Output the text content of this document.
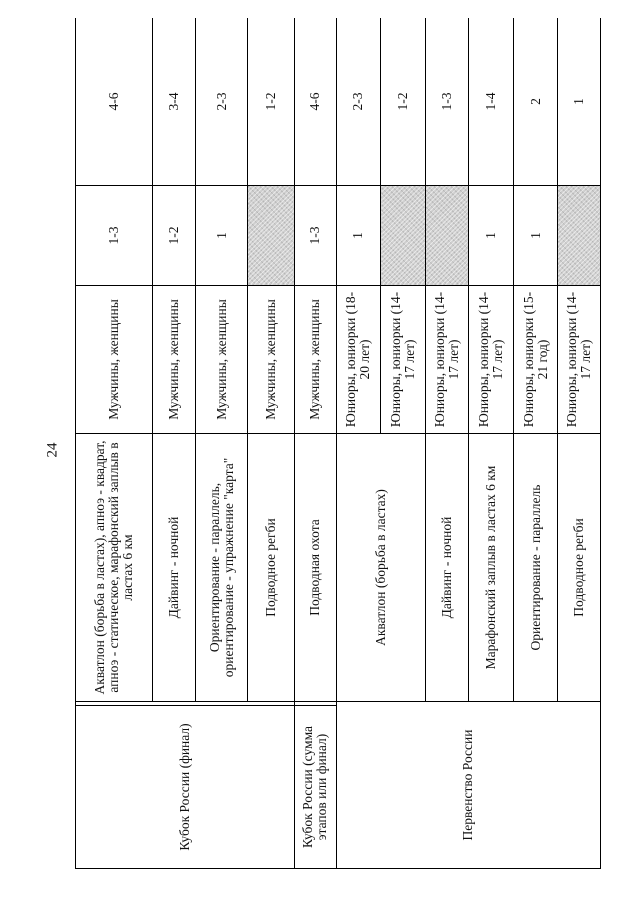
24
Кубок России (финал)		Акватлон (борьба в ластах), апноэ - квадрат, апноэ - статическое, марафонский заплыв в ластах 6 км	Мужчины, женщины	1-3	4-6
		Дайвинг - ночной	Мужчины, женщины	1-2	3-4
		Ориентирование - параллель, ориентирование - упражнение "карта"	Мужчины, женщины	1	2-3
		Подводное регби	Мужчины, женщины		1-2
Кубок России (сумма этапов или финал)		Подводная охота	Мужчины, женщины	1-3	4-6
Первенство России		Акватлон (борьба в ластах)	Юниоры, юниорки (18-20 лет)	1	2-3
			Юниоры, юниорки (14-17 лет)		1-2
		Дайвинг - ночной	Юниоры, юниорки (14-17 лет)		1-3
		Марафонский заплыв в ластах 6 км	Юниоры, юниорки (14-17 лет)	1	1-4
		Ориентирование - параллель	Юниоры, юниорки (15-21 год)	1	2
		Подводное регби	Юниоры, юниорки (14-17 лет)		1
